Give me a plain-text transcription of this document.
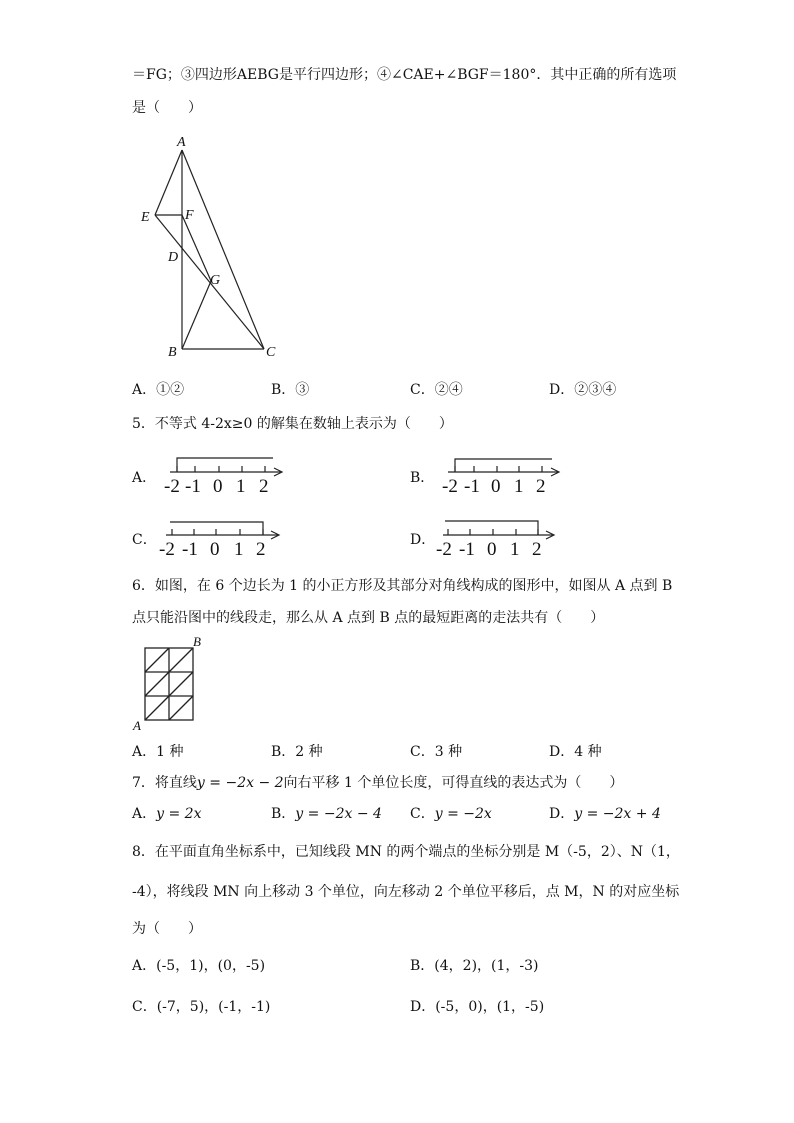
＝FG；③四边形AEBG是平行四边形；④∠CAE+∠BGF＝180°．其中正确的所有选项
是（　　）
A
E	F
D
G
B	C
A．①②	B．③	C．②④	D．②③④
5．不等式 4-2x≥0 的解集在数轴上表示为（　　）
A．	B．
C．	D．
-2 -1 0 1 2	-2 -1 0 1 2
-2 -1 0 1 2	-2 -1 0 1 2
6．如图，在 6 个边长为 1 的小正方形及其部分对角线构成的图形中，如图从 A 点到 B
点只能沿图中的线段走，那么从 A 点到 B 点的最短距离的走法共有（　　）
B
A
A．1 种	B．2 种	C．3 种	D．4 种
7．将直线y = −2x − 2向右平移 1 个单位长度，可得直线的表达式为（　　）
A．y = 2x	B．y = −2x − 4 C．y = −2x	D．y = −2x + 4
8．在平面直角坐标系中，已知线段 MN 的两个端点的坐标分别是 M（-5，2）、N（1，
-4），将线段 MN 向上移动 3 个单位，向左移动 2 个单位平移后，点 M，N 的对应坐标
为（　　）
A．(-5，1)，(0，-5)	B．(4，2)，(1，-3)
C．(-7，5)，(-1，-1)	D．(-5，0)，(1，-5)
